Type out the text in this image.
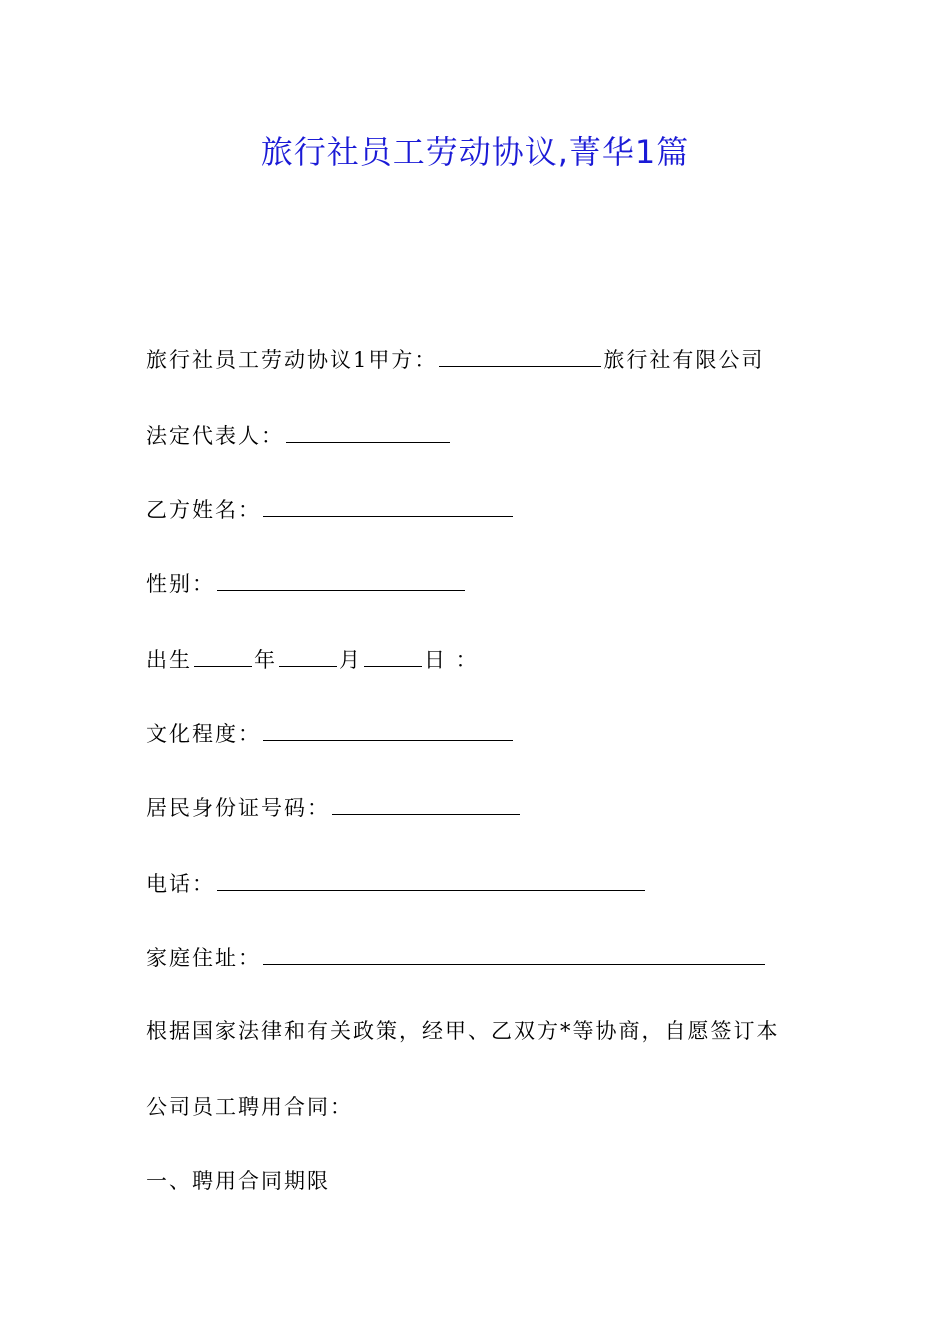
旅行社员工劳动协议,菁华1篇
旅行社员工劳动协议1甲方：	旅行社有限公司
法定代表人：
乙方姓名：
性别：
出生	年	月	日 ：
文化程度：
居民身份证号码：
电话：
家庭住址：
根据国家法律和有关政策，经甲、乙双方*等协商，自愿签订本
公司员工聘用合同：
一、聘用合同期限
